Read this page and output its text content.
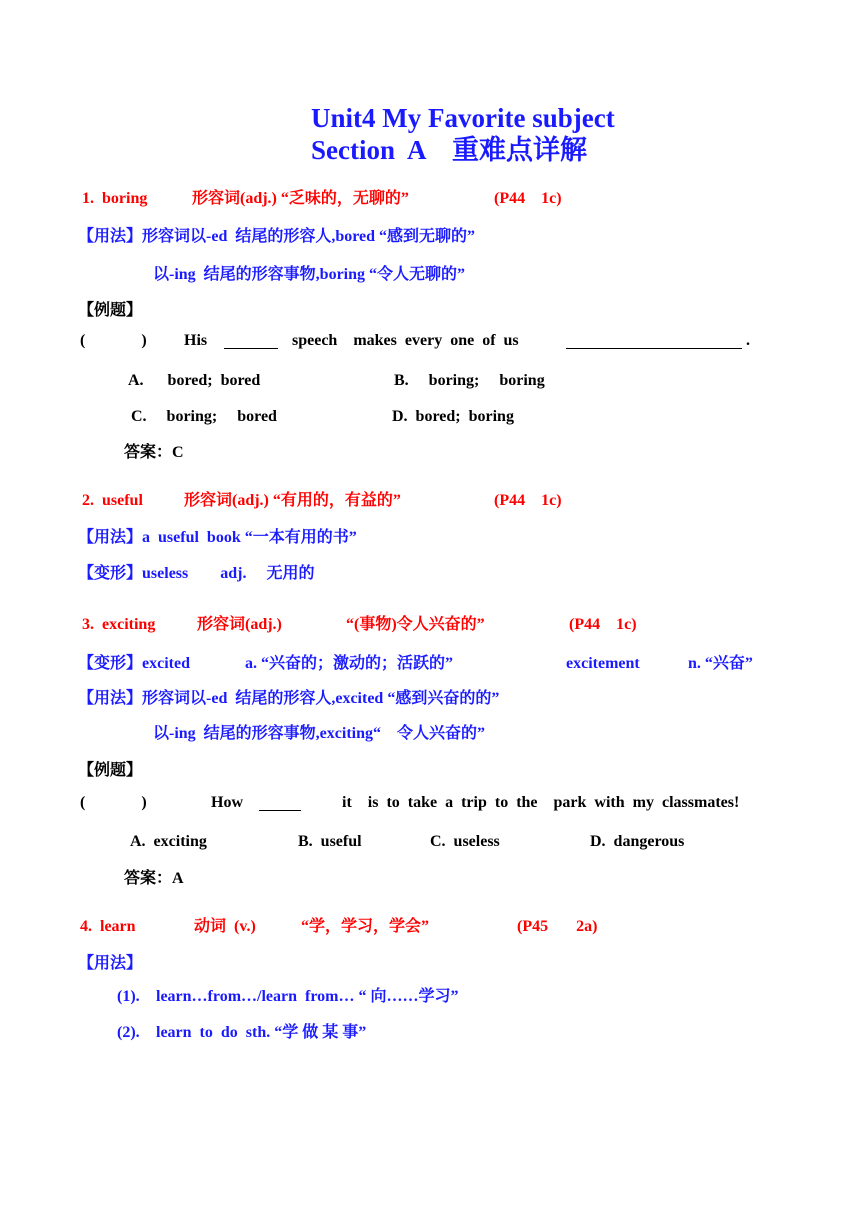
Unit4 My Favorite subject
Section  A    重难点详解
1.  boring	形容词(adj.) “乏味的，无聊的”	(P44    1c)
【用法】形容词以-ed  结尾的形容人,bored “感到无聊的”
以-ing  结尾的形容事物,boring “令人无聊的”
【例题】
(              ) His	speech    makes  every  one  of  us	.
A.      bored;  bored	B.     boring;     boring
C.     boring;     bored	D.  bored;  boring
答案：C
2.  useful	形容词(adj.) “有用的，有益的”	(P44    1c)
【用法】a  useful  book “一本有用的书”
【变形】useless        adj.     无用的
3.  exciting	形容词(adj.)	“(事物)令人兴奋的”	(P44    1c)
【变形】excited	a. “兴奋的；激动的；活跃的”	excitement	n. “兴奋”
【用法】形容词以-ed  结尾的形容人,excited “感到兴奋的的”
以-ing  结尾的形容事物,exciting“    令人兴奋的”
【例题】
(              )	How	it    is  to  take  a  trip  to  the    park  with  my  classmates!
A.  exciting	B.  useful	C.  useless	D.  dangerous
答案：A
4.  learn	动词  (v.)	“学，学习，学会”	(P45       2a)
【用法】
(1). learn…from…/learn  from… “ 向……学习”
(2). learn  to  do  sth. “学 做 某 事”
